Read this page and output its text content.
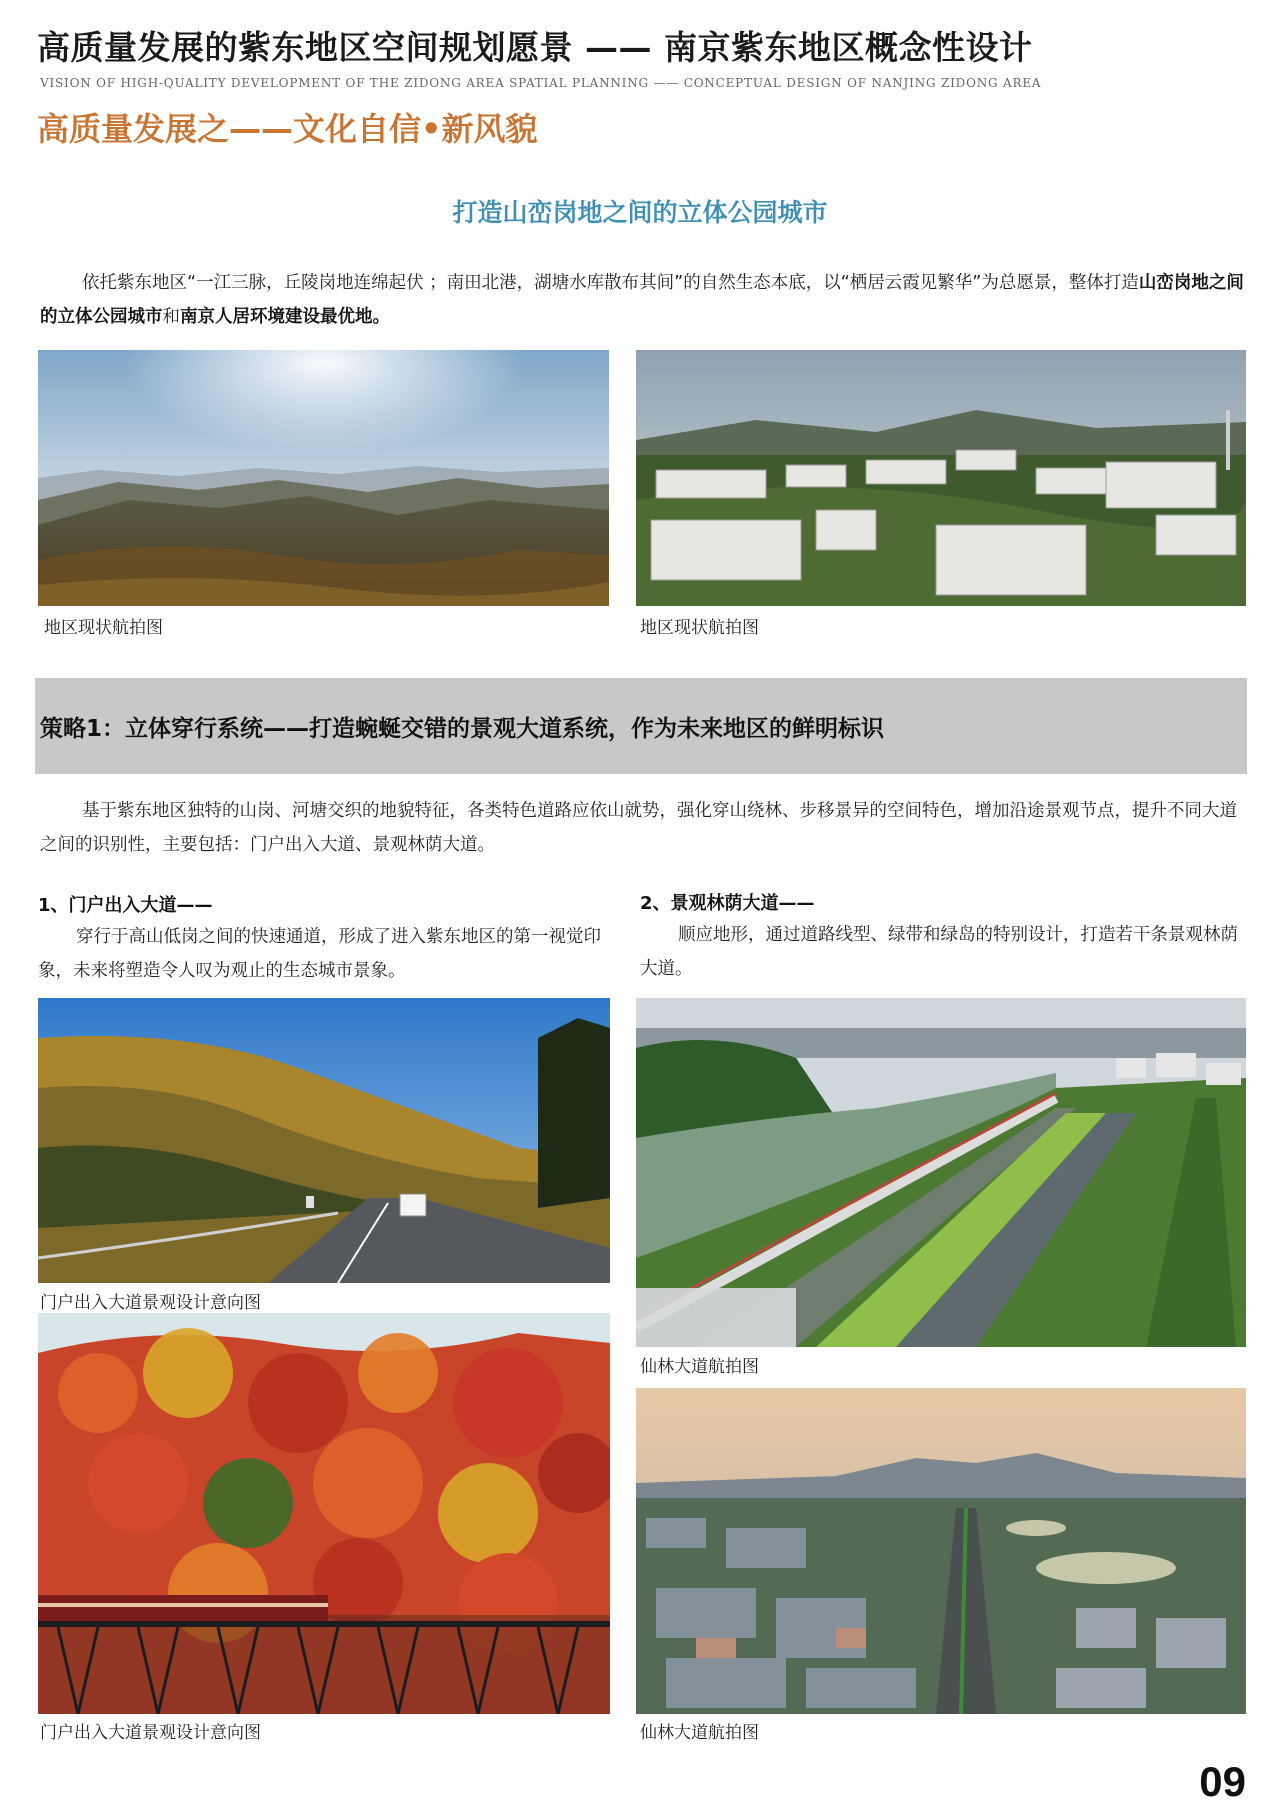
高质量发展的紫东地区空间规划愿景 —— 南京紫东地区概念性设计
VISION OF HIGH-QUALITY DEVELOPMENT OF THE ZIDONG AREA SPATIAL PLANNING —— CONCEPTUAL DESIGN OF NANJING ZIDONG AREA
高质量发展之——文化自信•新风貌
打造山峦岗地之间的立体公园城市
依托紫东地区“一江三脉，丘陵岗地连绵起伏 ；南田北港，湖塘水库散布其间”的自然生态本底，以“栖居云霞见繁华”为总愿景，整体打造山峦岗地之间的立体公园城市和南京人居环境建设最优地。
地区现状航拍图	地区现状航拍图
策略1：立体穿行系统——打造蜿蜒交错的景观大道系统，作为未来地区的鲜明标识
基于紫东地区独特的山岗、河塘交织的地貌特征，各类特色道路应依山就势，强化穿山绕林、步移景异的空间特色，增加沿途景观节点，提升不同大道之间的识别性，主要包括：门户出入大道、景观林荫大道。
1、门户出入大道——
穿行于高山低岗之间的快速通道，形成了进入紫东地区的第一视觉印象，未来将塑造令人叹为观止的生态城市景象。
2、景观林荫大道——
顺应地形，通过道路线型、绿带和绿岛的特别设计，打造若干条景观林荫大道。
门户出入大道景观设计意向图
门户出入大道景观设计意向图
仙林大道航拍图
仙林大道航拍图
09
